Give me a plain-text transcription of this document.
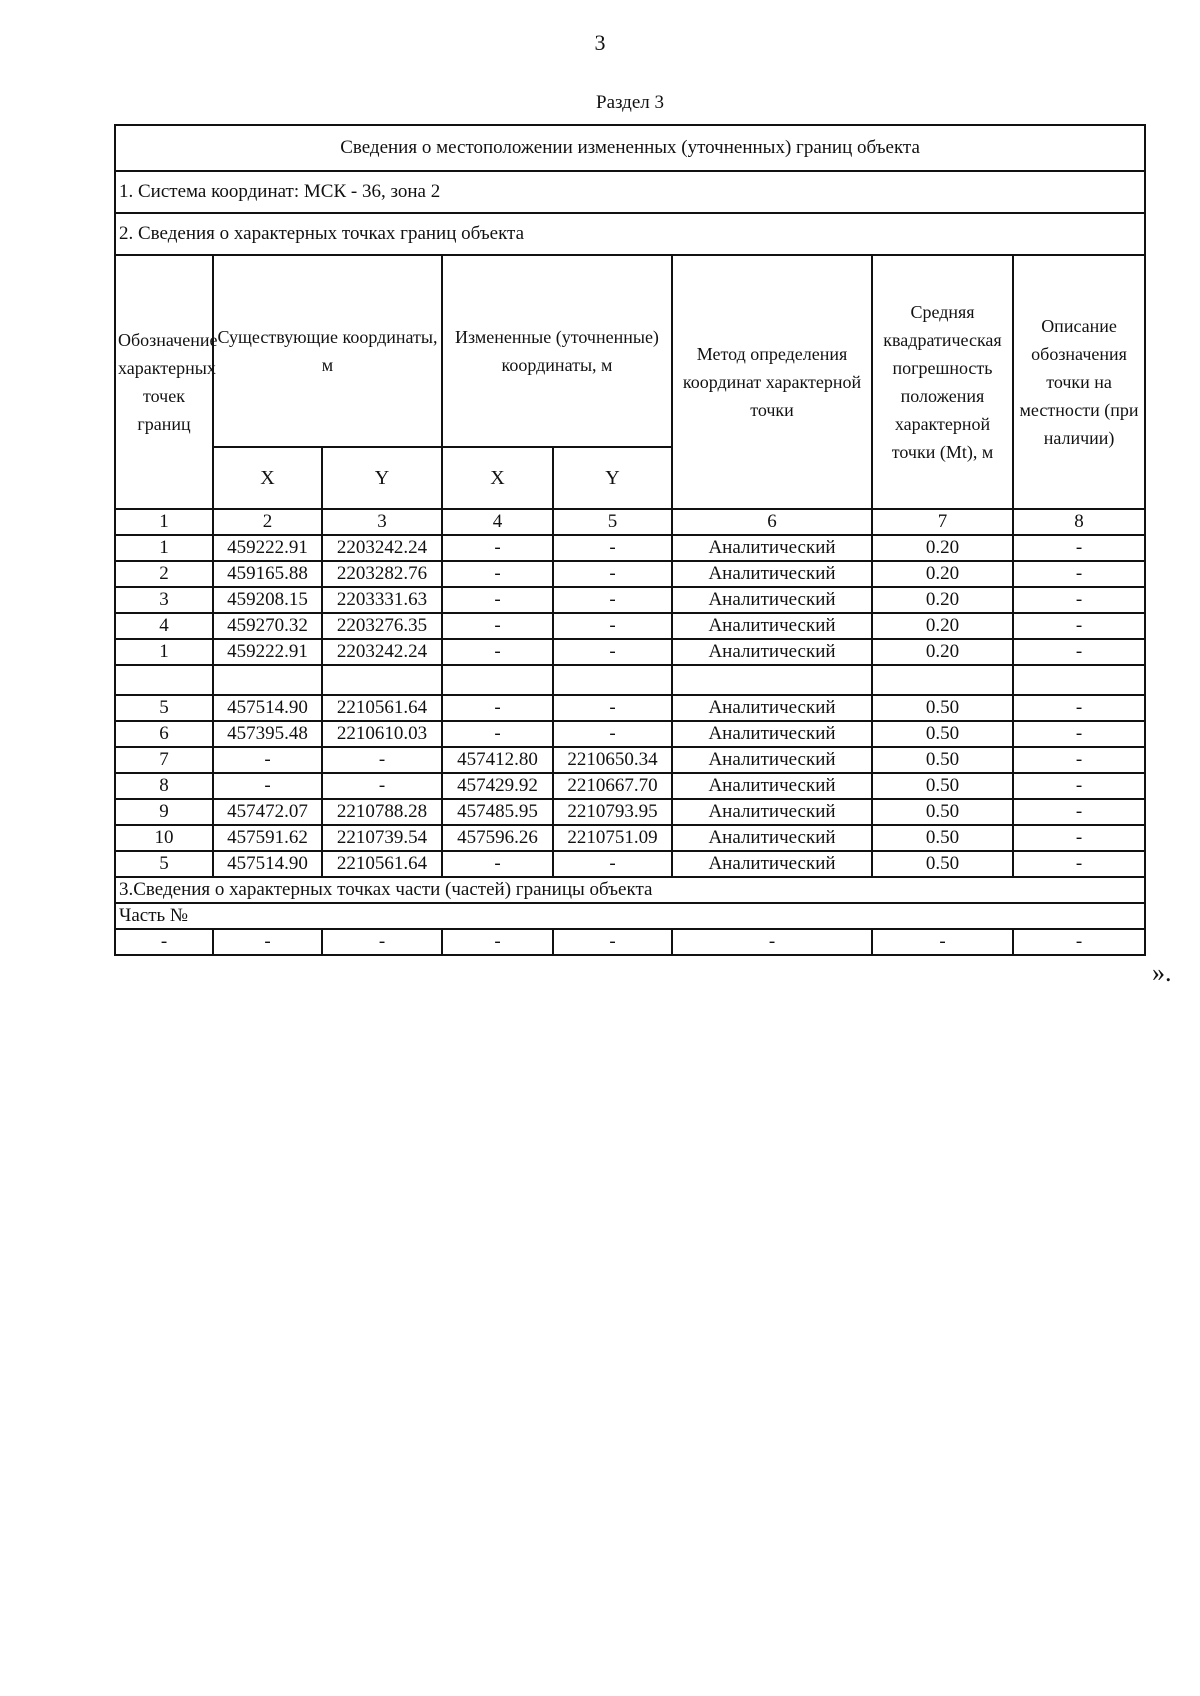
3
Раздел 3
Сведения о местоположении измененных (уточненных) границ объекта							
1. Система координат: МСК - 36, зона 2							
2. Сведения о характерных точках границ объекта							
Обозначение характерных точек границ	Существующие координаты, м		Измененные (уточненные) координаты, м		Метод определения координат характерной точки	Средняя квадратическая погрешность положения характерной точки (Mt), м	Описание обозначения точки на местности (при наличии)
	X	Y	X	Y			
1	2	3	4	5	6	7	8
1	459222.91	2203242.24	-	-	Аналитический	0.20	-
2	459165.88	2203282.76	-	-	Аналитический	0.20	-
3	459208.15	2203331.63	-	-	Аналитический	0.20	-
4	459270.32	2203276.35	-	-	Аналитический	0.20	-
1	459222.91	2203242.24	-	-	Аналитический	0.20	-

5	457514.90	2210561.64	-	-	Аналитический	0.50	-
6	457395.48	2210610.03	-	-	Аналитический	0.50	-
7	-	-	457412.80	2210650.34	Аналитический	0.50	-
8	-	-	457429.92	2210667.70	Аналитический	0.50	-
9	457472.07	2210788.28	457485.95	2210793.95	Аналитический	0.50	-
10	457591.62	2210739.54	457596.26	2210751.09	Аналитический	0.50	-
5	457514.90	2210561.64	-	-	Аналитический	0.50	-
3.Сведения о характерных точках части (частей) границы объекта							
Часть №							
-	-	-	-	-	-	-	-
».
